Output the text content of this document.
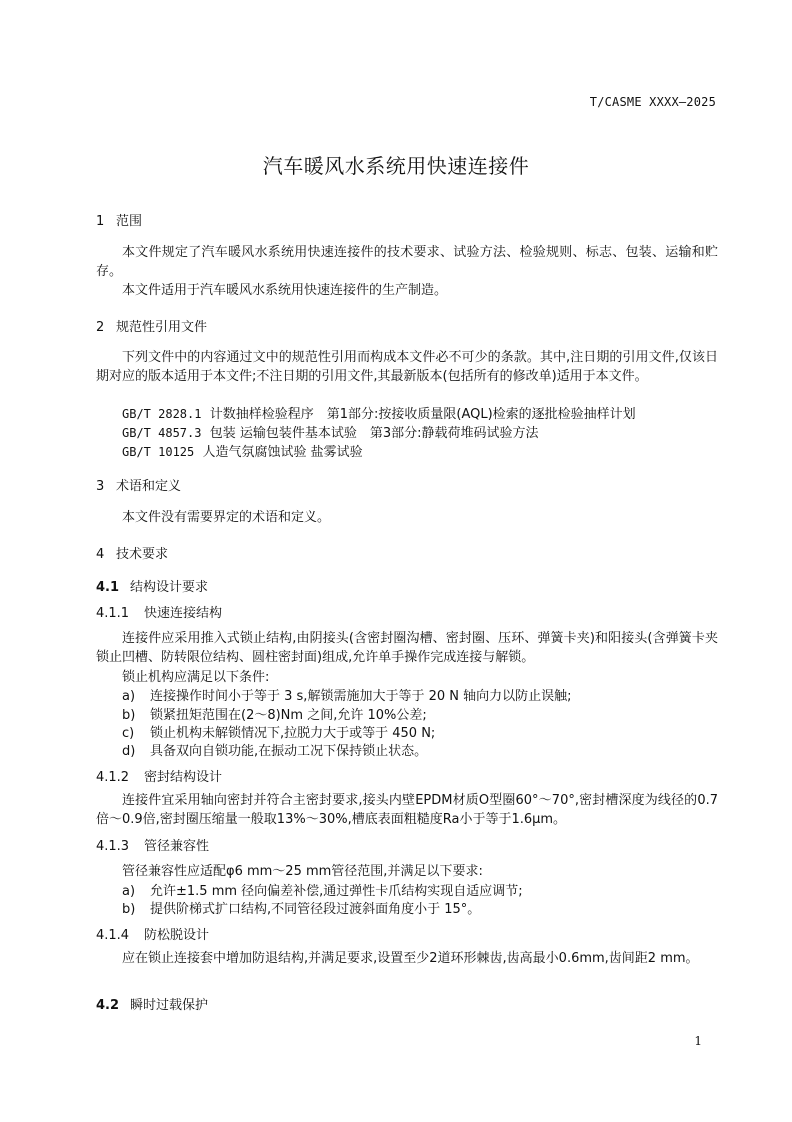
T/CASME XXXX—2025
汽车暖风水系统用快速连接件
1 范围
本文件规定了汽车暖风水系统用快速连接件的技术要求、试验方法、检验规则、标志、包装、运输和贮存。
本文件适用于汽车暖风水系统用快速连接件的生产制造。
2 规范性引用文件
下列文件中的内容通过文中的规范性引用而构成本文件必不可少的条款。其中,注日期的引用文件,仅该日期对应的版本适用于本文件;不注日期的引用文件,其最新版本(包括所有的修改单)适用于本文件。
GB/T 2828.1 计数抽样检验程序　第1部分:按接收质量限(AQL)检索的逐批检验抽样计划
GB/T 4857.3 包装 运输包装件基本试验　第3部分:静载荷堆码试验方法
GB/T 10125 人造气氛腐蚀试验 盐雾试验
3 术语和定义
本文件没有需要界定的术语和定义。
4 技术要求
4.1 结构设计要求
4.1.1 快速连接结构
连接件应采用推入式锁止结构,由阴接头(含密封圈沟槽、密封圈、压环、弹簧卡夹)和阳接头(含弹簧卡夹锁止凹槽、防转限位结构、圆柱密封面)组成,允许单手操作完成连接与解锁。
锁止机构应满足以下条件:
a) 连接操作时间小于等于 3 s,解锁需施加大于等于 20 N 轴向力以防止误触;
b) 锁紧扭矩范围在(2～8)Nm 之间,允许 10%公差;
c) 锁止机构未解锁情况下,拉脱力大于或等于 450 N;
d) 具备双向自锁功能,在振动工况下保持锁止状态。
4.1.2 密封结构设计
连接件宜采用轴向密封并符合主密封要求,接头内壁EPDM材质O型圈60°～70°,密封槽深度为线径的0.7倍～0.9倍,密封圈压缩量一般取13%～30%,槽底表面粗糙度Ra小于等于1.6μm。
4.1.3 管径兼容性
管径兼容性应适配φ6 mm～25 mm管径范围,并满足以下要求:
a) 允许±1.5 mm 径向偏差补偿,通过弹性卡爪结构实现自适应调节;
b) 提供阶梯式扩口结构,不同管径段过渡斜面角度小于 15°。
4.1.4 防松脱设计
应在锁止连接套中增加防退结构,并满足要求,设置至少2道环形棘齿,齿高最小0.6mm,齿间距2 mm。
4.2 瞬时过载保护
1
